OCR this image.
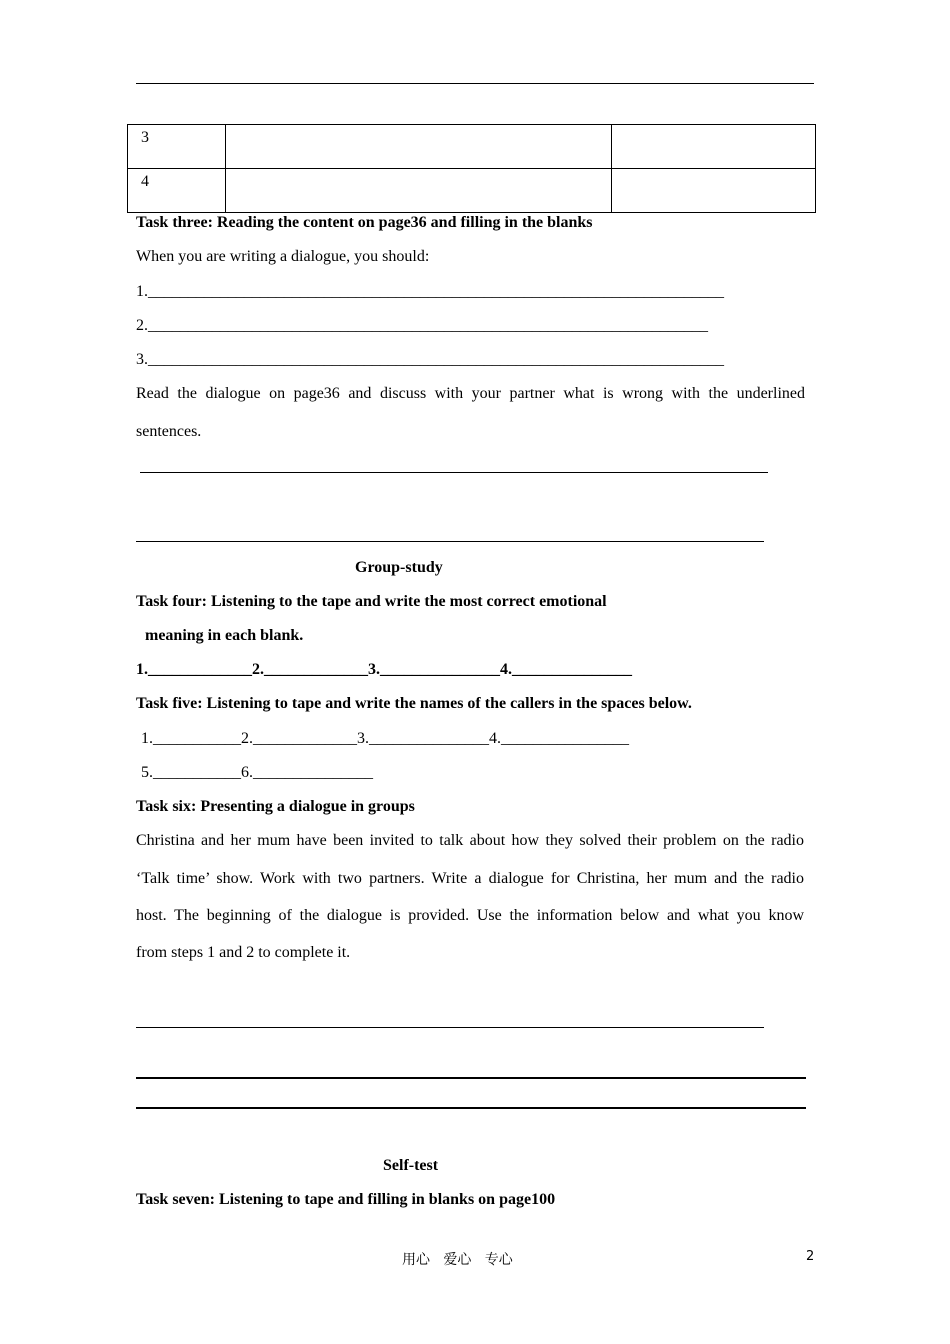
3		
4		
Task three: Reading the content on page36 and filling in the blanks
When you are writing a dialogue, you should:
1.________________________________________________________________________
2.______________________________________________________________________
3.________________________________________________________________________
Read the dialogue on page36 and discuss with your partner what is wrong with the underlined
sentences.
Group-study
Task four: Listening to the tape and write the most correct emotional
meaning in each blank.
1._____________2._____________3._______________4._______________
Task five: Listening to tape and write the names of the callers in the spaces below.
1.___________2._____________3._______________4.________________
5.___________6._______________
Task six: Presenting a dialogue in groups
Christina and her mum have been invited to talk about how they solved their problem on the radio
‘Talk time’ show. Work with two partners. Write a dialogue for Christina, her mum and the radio
host. The beginning of the dialogue is provided. Use the information below and what you know
from steps 1 and 2 to complete it.
Self-test
Task seven: Listening to tape and filling in blanks on page100
用心   爱心   专心	2
